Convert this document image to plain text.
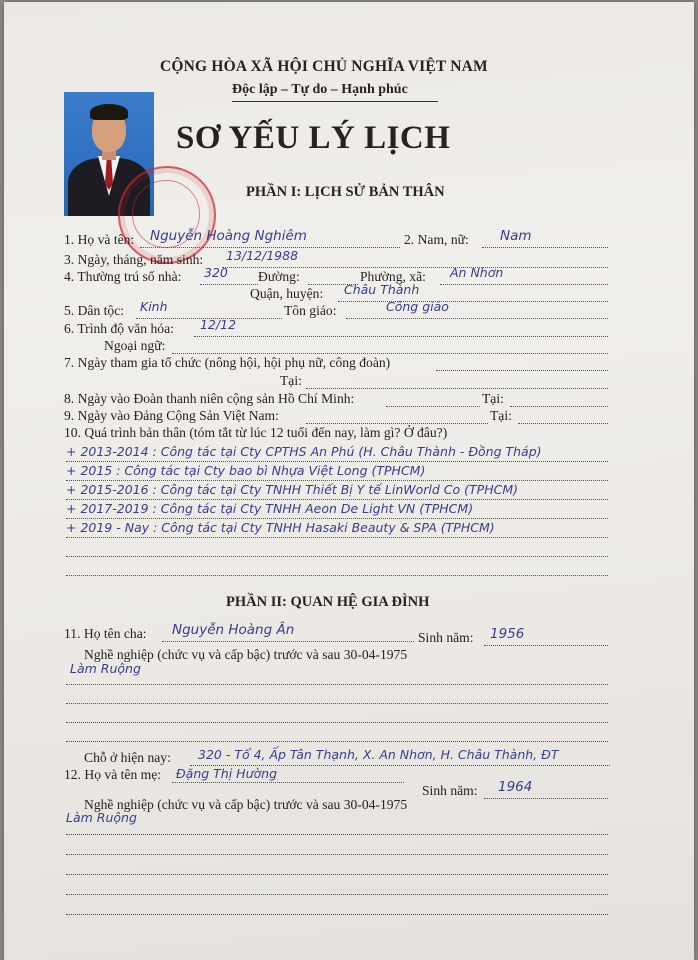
CỘNG HÒA XÃ HỘI CHỦ NGHĨA VIỆT NAM
Độc lập – Tự do – Hạnh phúc
SƠ YẾU LÝ LỊCH
PHẦN I: LỊCH SỬ BẢN THÂN
1. Họ và tên: Nguyễn Hoàng Nghiêm	2. Nam, nữ: Nam
3. Ngày, tháng, năm sinh: 13/12/1988
4. Thường trú số nhà: 320 Đường:	Phường, xã: An Nhơn
Quận, huyện: Châu Thành
5. Dân tộc: Kinh	Tôn giáo:	Công giáo
6. Trình độ văn hóa: 12/12
Ngoại ngữ:
7. Ngày tham gia tổ chức (nông hội, hội phụ nữ, công đoàn)
Tại:
8. Ngày vào Đoàn thanh niên cộng sản Hồ Chí Minh:	Tại:
9. Ngày vào Đảng Cộng Sản Việt Nam:	Tại:
10. Quá trình bản thân (tóm tắt từ lúc 12 tuổi đến nay, làm gì? Ở đâu?)
+ 2013-2014 : Công tác tại Cty CPTHS An Phú (H. Châu Thành - Đồng Tháp)
+ 2015 : Công tác tại Cty bao bì Nhựa Việt Long (TPHCM)
+ 2015-2016 : Công tác tại Cty TNHH Thiết Bị Y tế LinWorld Co (TPHCM)
+ 2017-2019 : Công tác tại Cty TNHH Aeon De Light VN (TPHCM)
+ 2019 - Nay : Công tác tại Cty TNHH Hasaki Beauty & SPA (TPHCM)
PHẦN II: QUAN HỆ GIA ĐÌNH
11. Họ tên cha: Nguyễn Hoàng Ân	Sinh năm: 1956
Nghề nghiệp (chức vụ và cấp bậc) trước và sau 30-04-1975
Làm Ruộng
Chỗ ở hiện nay: 320 - Tổ 4, Ấp Tân Thạnh, X. An Nhơn, H. Châu Thành, ĐT
12. Họ và tên mẹ: Đặng Thị Hường
Sinh năm: 1964
Nghề nghiệp (chức vụ và cấp bậc) trước và sau 30-04-1975
Làm Ruộng
